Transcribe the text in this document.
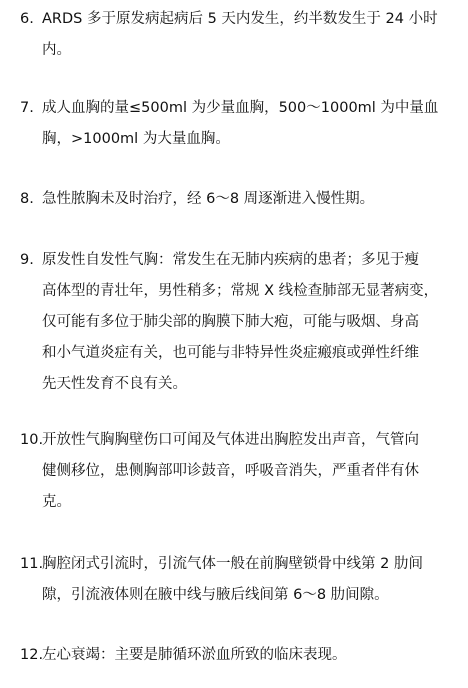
6. ARDS 多于原发病起病后 5 天内发生，约半数发生于 24 小时
内。
7. 成人血胸的量≤500ml 为少量血胸，500～1000ml 为中量血
胸，>1000ml 为大量血胸。
8. 急性脓胸未及时治疗，经 6～8 周逐渐进入慢性期。
9. 原发性自发性气胸：常发生在无肺内疾病的患者；多见于瘦
高体型的青壮年，男性稍多；常规 X 线检查肺部无显著病变，
仅可能有多位于肺尖部的胸膜下肺大疱，可能与吸烟、身高
和小气道炎症有关，也可能与非特异性炎症瘢痕或弹性纤维
先天性发育不良有关。
10.
开放性气胸胸壁伤口可闻及气体进出胸腔发出声音，气管向
健侧移位，患侧胸部叩诊鼓音，呼吸音消失，严重者伴有休
克。
11.
胸腔闭式引流时，引流气体一般在前胸壁锁骨中线第 2 肋间
隙，引流液体则在腋中线与腋后线间第 6～8 肋间隙。
12.
左心衰竭：主要是肺循环淤血所致的临床表现。
